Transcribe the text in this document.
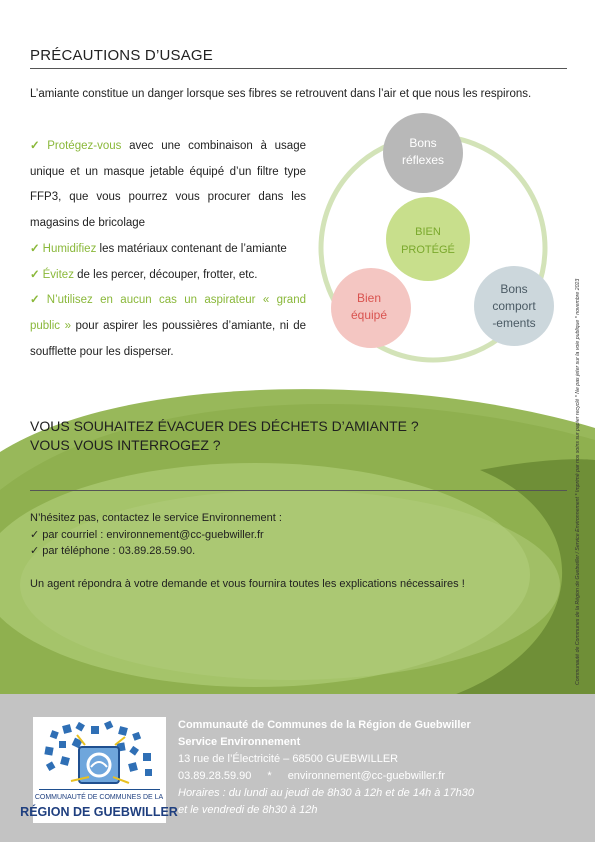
PRÉCAUTIONS D’USAGE
L’amiante constitue un danger lorsque ses fibres se retrouvent dans l’air et que nous les respirons.
✓ Protégez-vous avec une combinaison à usage unique et un masque jetable équipé d’un filtre type FFP3, que vous pourrez vous procurer dans les magasins de bricolage
✓ Humidifiez les matériaux contenant de l’amiante
✓ Évitez de les percer, découper, frotter, etc.
✓ N’utilisez en aucun cas un aspirateur « grand public » pour aspirer les poussières d’amiante, ni de soufflette pour les disperser.
BIEN
PROTÉGÉ
Bons
réflexes
Bien
équipé
Bons
comport
-ements	Communauté de Communes de la Région de Guebwiller / Service Environnement * Imprimé par nos soins sur papier recyclé * Ne pas jeter sur la voie publique * novembre 2023
VOUS SOUHAITEZ ÉVACUER DES DÉCHETS D’AMIANTE ?
VOUS VOUS INTERROGEZ ?
N’hésitez pas, contactez le service Environnement :
✓ par courriel : environnement@cc-guebwiller.fr
✓ par téléphone : 03.89.28.59.90.
Un agent répondra à votre demande et vous fournira toutes les explications nécessaires !
COMMUNAUTÉ DE COMMUNES DE LA
RÉGION DE GUEBWILLER
Communauté de Communes de la Région de Guebwiller
Service Environnement
13 rue de l’Électricité – 68500 GUEBWILLER
03.89.28.59.90 * environnement@cc-guebwiller.fr
Horaires : du lundi au jeudi de 8h30 à 12h et de 14h à 17h30
et le vendredi de 8h30 à 12h
